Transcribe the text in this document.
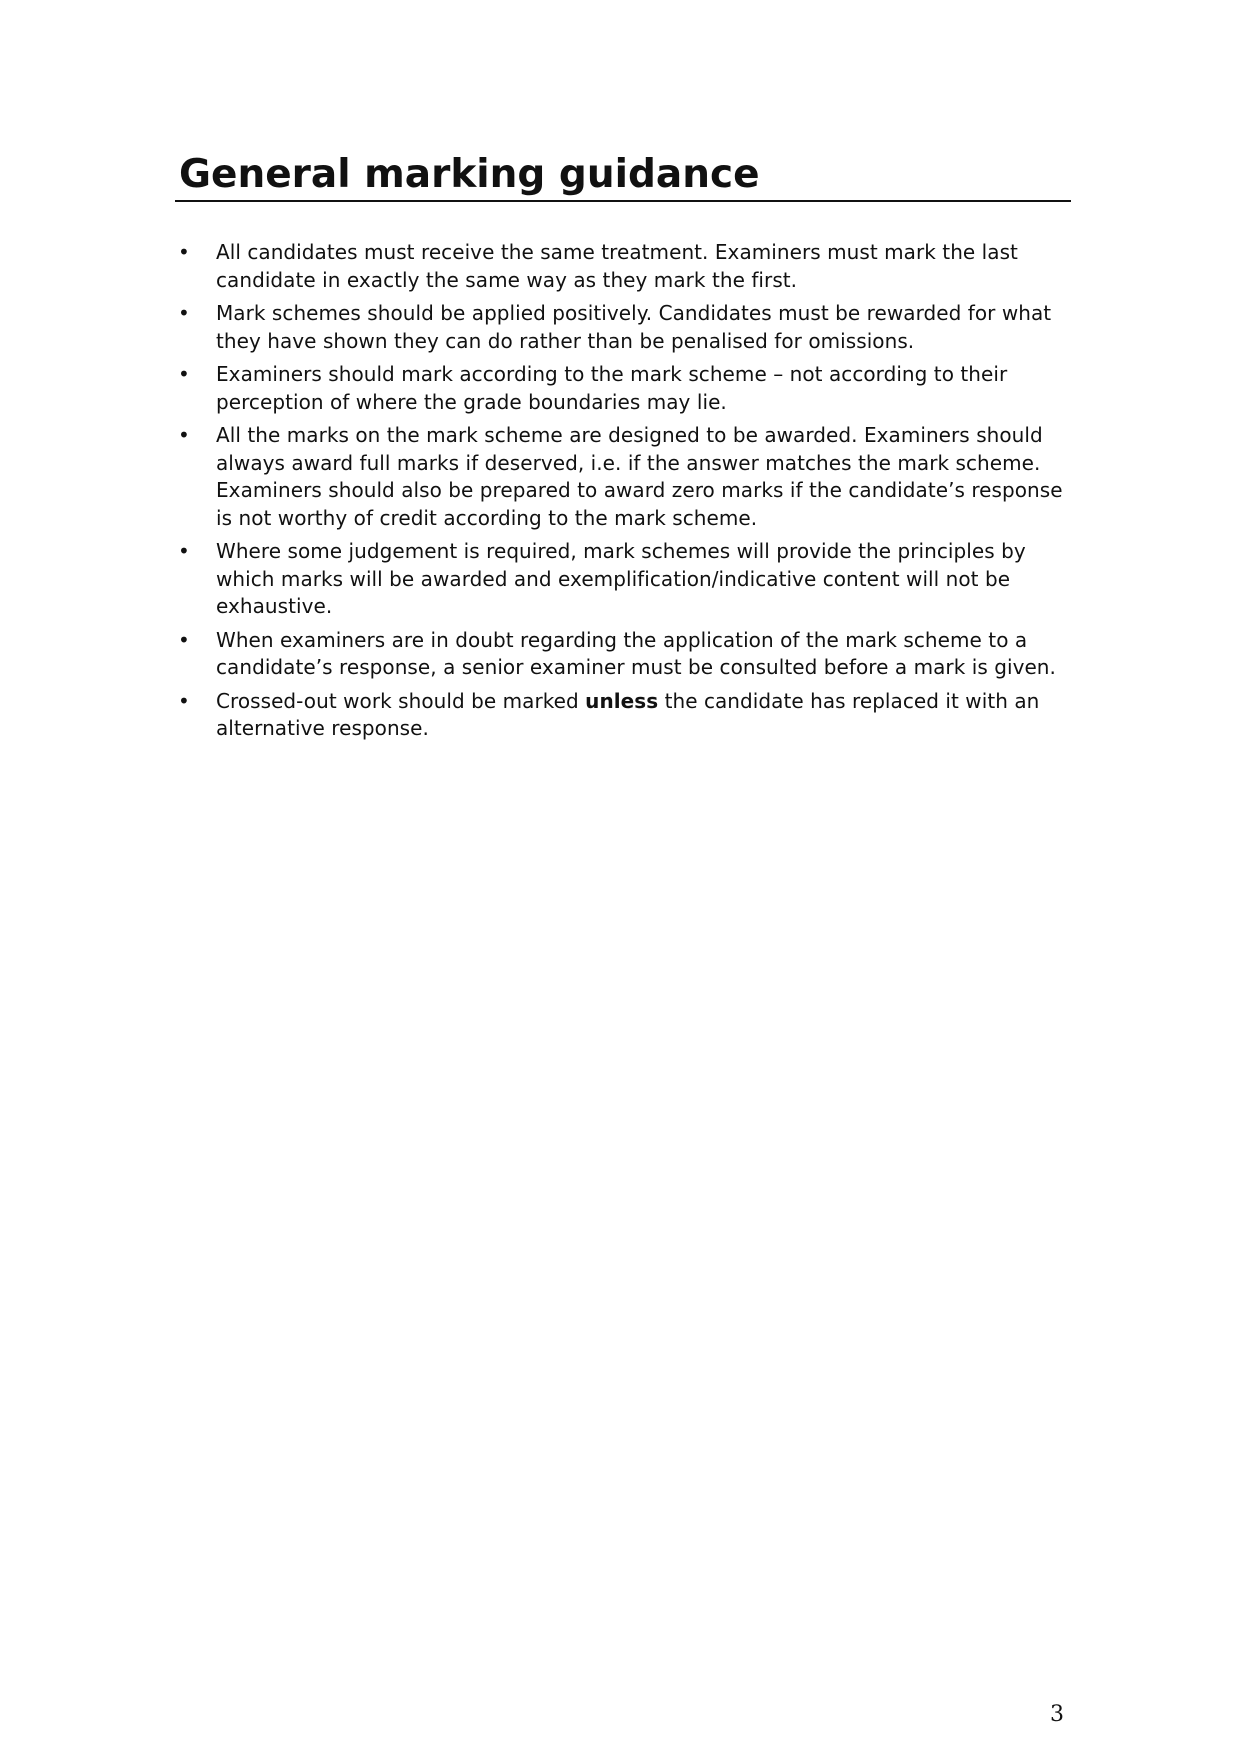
General marking guidance
• All candidates must receive the same treatment. Examiners must mark the last candidate in exactly the same way as they mark the first.
• Mark schemes should be applied positively. Candidates must be rewarded for what they have shown they can do rather than be penalised for omissions.
• Examiners should mark according to the mark scheme – not according to their perception of where the grade boundaries may lie.
• All the marks on the mark scheme are designed to be awarded. Examiners should always award full marks if deserved, i.e. if the answer matches the mark scheme. Examiners should also be prepared to award zero marks if the candidate’s response is not worthy of credit according to the mark scheme.
• Where some judgement is required, mark schemes will provide the principles by which marks will be awarded and exemplification/indicative content will not be exhaustive.
• When examiners are in doubt regarding the application of the mark scheme to a candidate’s response, a senior examiner must be consulted before a mark is given.
• Crossed-out work should be marked unless the candidate has replaced it with an alternative response.
3
